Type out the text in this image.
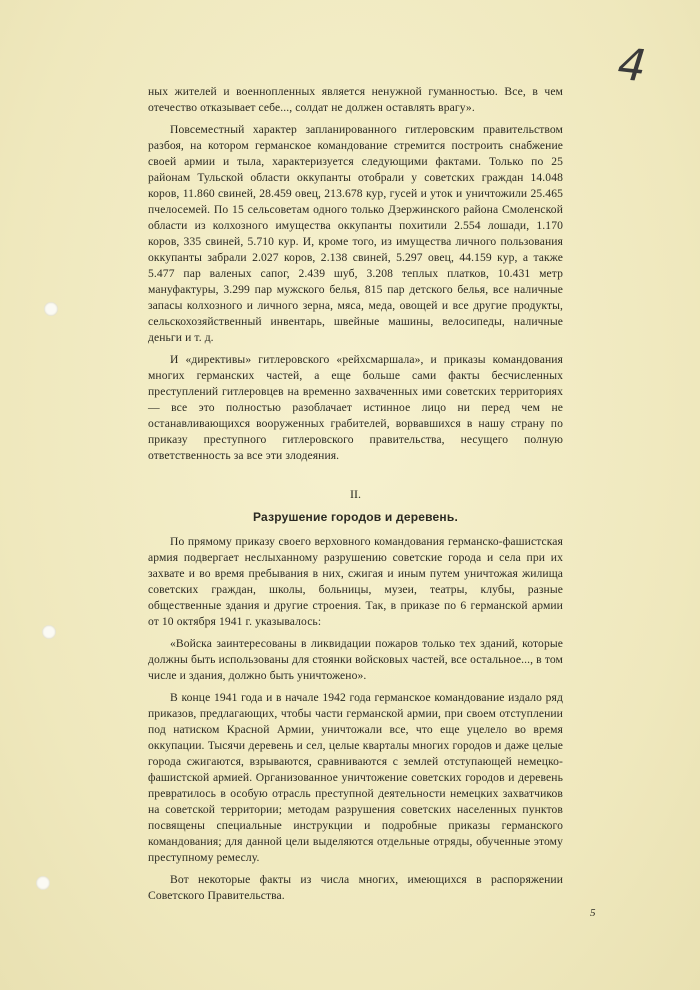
4

ных жителей и военнопленных является ненужной гуманностью. Все, в чем отечество отказывает себе..., солдат не должен оставлять врагу».

Повсеместный характер запланированного гитлеровским правительством разбоя, на котором германское командование стремится построить снабжение своей армии и тыла, характеризуется следующими фактами. Только по 25 районам Тульской области оккупанты отобрали у советских граждан 14.048 коров, 11.860 свиней, 28.459 овец, 213.678 кур, гусей и уток и уничтожили 25.465 пчелосемей. По 15 сельсоветам одного только Дзержинского района Смоленской области из колхозного имущества оккупанты похитили 2.554 лошади, 1.170 коров, 335 свиней, 5.710 кур. И, кроме того, из имущества личного пользования оккупанты забрали 2.027 коров, 2.138 свиней, 5.297 овец, 44.159 кур, а также 5.477 пар валеных сапог, 2.439 шуб, 3.208 теплых платков, 10.431 метр мануфактуры, 3.299 пар мужского белья, 815 пар детского белья, все наличные запасы колхозного и личного зерна, мяса, меда, овощей и все другие продукты, сельскохозяйственный инвентарь, швейные машины, велосипеды, наличные деньги и т. д.

И «директивы» гитлеровского «рейхсмаршала», и приказы командования многих германских частей, а еще больше сами факты бесчисленных преступлений гитлеровцев на временно захваченных ими советских территориях — все это полностью разоблачает истинное лицо ни перед чем не останавливающихся вооруженных грабителей, ворвавшихся в нашу страну по приказу преступного гитлеровского правительства, несущего полную ответственность за все эти злодеяния.

II.
Разрушение городов и деревень.

По прямому приказу своего верховного командования германско-фашистская армия подвергает неслыханному разрушению советские города и села при их захвате и во время пребывания в них, сжигая и иным путем уничтожая жилища советских граждан, школы, больницы, музеи, театры, клубы, разные общественные здания и другие строения. Так, в приказе по 6 германской армии от 10 октября 1941 г. указывалось:

«Войска заинтересованы в ликвидации пожаров только тех зданий, которые должны быть использованы для стоянки войсковых частей, все остальное..., в том числе и здания, должно быть уничтожено».

В конце 1941 года и в начале 1942 года германское командование издало ряд приказов, предлагающих, чтобы части германской армии, при своем отступлении под натиском Красной Армии, уничтожали все, что еще уцелело во время оккупации. Тысячи деревень и сел, целые кварталы многих городов и даже целые города сжигаются, взрываются, сравниваются с землей отступающей немецко-фашистской армией. Организованное уничтожение советских городов и деревень превратилось в особую отрасль преступной деятельности немецких захватчиков на советской территории; методам разрушения советских населенных пунктов посвящены специальные инструкции и подробные приказы германского командования; для данной цели выделяются отдельные отряды, обученные этому преступному ремеслу.

Вот некоторые факты из числа многих, имеющихся в распоряжении Советского Правительства.

5
